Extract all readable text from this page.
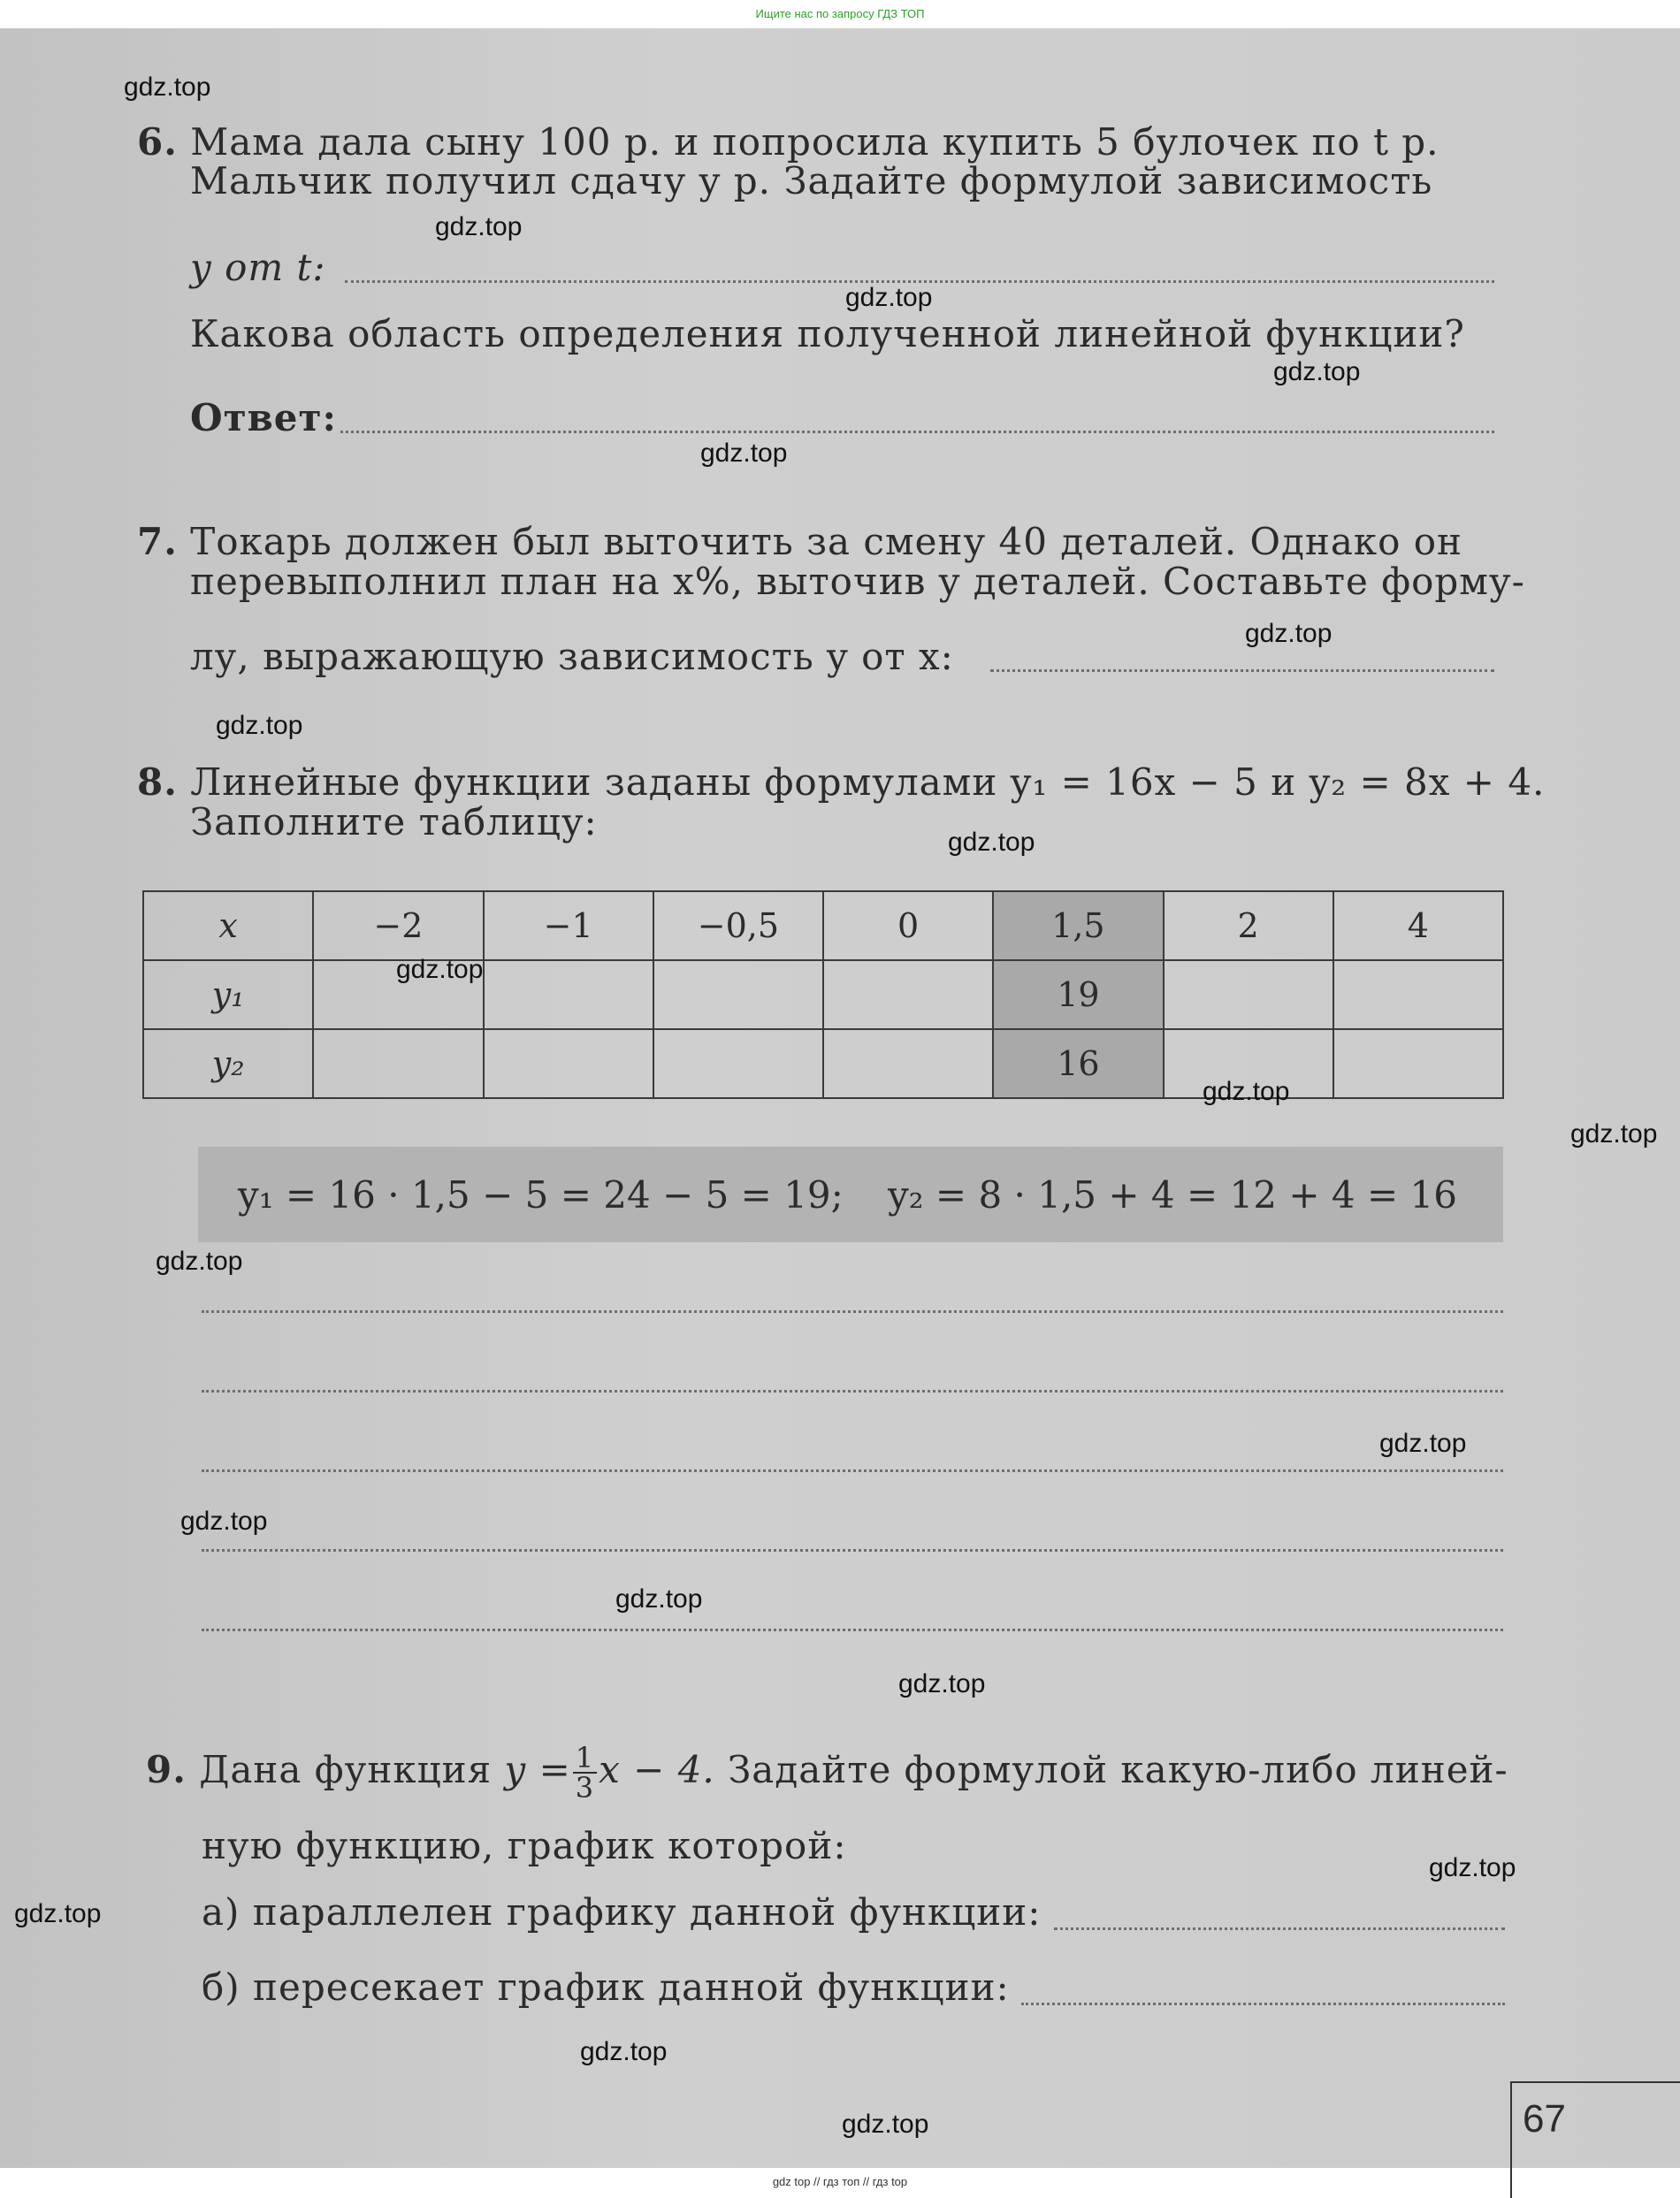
Ищите нас по запросу ГДЗ ТОП
6. Мама дала сыну 100 р. и попросила купить 5 булочек по t р.
Мальчик получил сдачу y р. Задайте формулой зависимость
y от t:
Какова область определения полученной линейной функции?
Ответ:
7. Токарь должен был выточить за смену 40 деталей. Однако он
перевыполнил план на x%, выточив y деталей. Составьте форму-
лу, выражающую зависимость y от x:
8. Линейные функции заданы формулами y₁ = 16x − 5 и y₂ = 8x + 4.
Заполните таблицу:
x	−2	−1	−0,5	0	1,5	2	4
y₁					19		
y₂					16		
y₁ = 16 · 1,5 − 5 = 24 − 5 = 19; y₂ = 8 · 1,5 + 4 = 12 + 4 = 16
9. Дана функция $y = \frac{1}{3}$ x − 4. Задайте формулой какую-либо линей-
ную функцию, график которой:
а) параллелен графику данной функции:
б) пересекает график данной функции:
67
gdz.top
gdz.top
gdz.top
gdz.top
gdz.top
gdz.top
gdz.top
gdz.top
gdz.top
gdz.top
gdz.top
gdz.top
gdz.top
gdz.top
gdz.top
gdz.top
gdz.top
gdz.top
gdz.top
gdz.top
gdz top // гдз топ // гдз top
